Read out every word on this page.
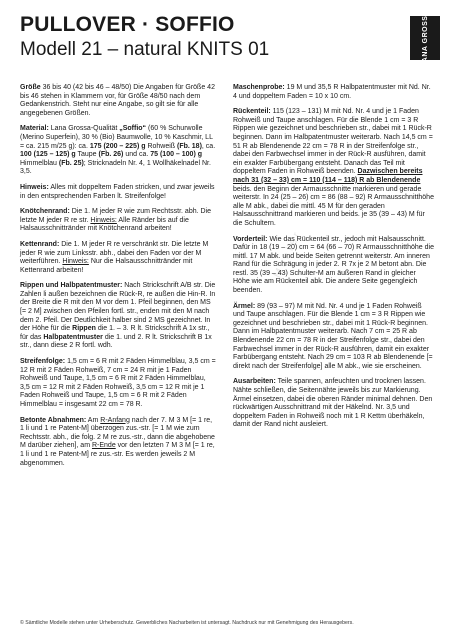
PULLOVER · SOFFIO
Modell 21 – natural KNITS 01	LANA GROSSA
Muster

Größe 36 bis 40 (42 bis 46 – 48/50) Die Angaben für Größe 42 bis 46 stehen in Klammern vor, für Größe 48/50 nach dem Gedankenstrich. Steht nur eine Angabe, so gilt sie für alle angegebenen Größen.

Material: Lana Grossa-Qualität „Soffio“ (60 % Schurwolle (Merino Superfein), 30 % (Bio) Baumwolle, 10 % Kaschmir, LL = ca. 215 m/25 g): ca. 175 (200 – 225) g Rohweiß (Fb. 18), ca. 100 (125 – 125) g Taupe (Fb. 26) und ca. 75 (100 – 100) g Himmelblau (Fb. 25); Stricknadeln Nr. 4, 1 Wollhäkelnadel Nr. 3,5.

Hinweis: Alles mit doppeltem Faden stricken, und zwar jeweils in den entsprechenden Farben lt. Streifenfolge!

Knötchenrand: Die 1. M jeder R wie zum Rechtsstr. abh. Die letzte M jeder R re str. Hinweis: Alle Ränder bis auf die Halsausschnittränder mit Knötchenrand arbeiten!

Kettenrand: Die 1. M jeder R re verschränkt str. Die letzte M jeder R wie zum Linksstr. abh., dabei den Faden vor der M weiterführen. Hinweis: Nur die Halsausschnittränder mit Kettenrand arbeiten!

Rippen und Halbpatentmuster: Nach Strickschrift A/B str. Die Zahlen li außen bezeichnen die Rück-R, re außen die Hin-R. In der Breite die R mit den M vor dem 1. Pfeil beginnen, den MS [= 2 M] zwischen den Pfeilen fortl. str., enden mit den M nach dem 2. Pfeil. Der Deutlichkeit halber sind 2 MS gezeichnet. In der Höhe für die Rippen die 1. – 3. R lt. Strickschrift A 1x str., für das Halbpatentmuster die 1. und 2. R lt. Strickschrift B 1x str., dann diese 2 R fortl. wdh.

Streifenfolge: 1,5 cm = 6 R mit 2 Fäden Himmelblau, 3,5 cm = 12 R mit 2 Fäden Rohweiß, 7 cm = 24 R mit je 1 Faden Rohweiß und Taupe, 1,5 cm = 6 R mit 2 Fäden Himmelblau, 3,5 cm = 12 R mit 2 Fäden Rohweiß, 3,5 cm = 12 R mit je 1 Faden Rohweiß und Taupe, 1,5 cm = 6 R mit 2 Fäden Himmelblau = insgesamt 22 cm = 78 R.

Betonte Abnahmen: Am R-Anfang nach der 7. M 3 M [= 1 re, 1 li und 1 re Patent-M] überzogen zus.-str. [= 1 M wie zum Rechtsstr. abh., die folg. 2 M re zus.-str., dann die abgehobene M darüber ziehen], am R-Ende vor den letzten 7 M 3 M [= 1 re, 1 li und 1 re Patent-M] re zus.-str. Es werden jeweils 2 M abgenommen.

Maschenprobe: 19 M und 35,5 R Halbpatentmuster mit Nd. Nr. 4 und doppeltem Faden = 10 x 10 cm.

Rückenteil: 115 (123 – 131) M mit Nd. Nr. 4 und je 1 Faden Rohweiß und Taupe anschlagen. Für die Blende 1 cm = 3 R Rippen wie gezeichnet und beschrieben str., dabei mit 1 Rück-R beginnen. Dann im Halbpatentmuster weiterarb. Nach 14,5 cm = 51 R ab Blendenende 22 cm = 78 R in der Streifenfolge str., dabei den Farbwechsel immer in der Rück-R ausführen, damit ein exakter Farbübergang entsteht. Danach das Teil mit doppeltem Faden in Rohweiß beenden. Dazwischen bereits nach 31 (32 – 33) cm = 110 (114 – 118) R ab Blendenende beids. den Beginn der Armausschnitte markieren und gerade weiterstr. In 24 (25 – 26) cm = 86 (88 – 92) R Armausschnitthöhe alle M abk., dabei die mittl. 45 M für den geraden Halsausschnittrand markieren und beids. je 35 (39 – 43) M für die Schultern.

Vorderteil: Wie das Rückenteil str., jedoch mit Halsausschnitt. Dafür in 18 (19 – 20) cm = 64 (66 – 70) R Armausschnitthöhe die mittl. 17 M abk. und beide Seiten getrennt weiterstr. Am inneren Rand für die Schrägung in jeder 2. R 7x je 2 M betont abn. Die restl. 35 (39 – 43) Schulter-M am äußeren Rand in gleicher Höhe wie am Rückenteil abk. Die andere Seite gegengleich beenden.

Ärmel: 89 (93 – 97) M mit Nd. Nr. 4 und je 1 Faden Rohweiß und Taupe anschlagen. Für die Blende 1 cm = 3 R Rippen wie gezeichnet und beschrieben str., dabei mit 1 Rück-R beginnen. Dann im Halbpatentmuster weiterarb. Nach 7 cm = 25 R ab Blendenende 22 cm = 78 R in der Streifenfolge str., dabei den Farbwechsel immer in der Rück-R ausführen, damit ein exakter Farbübergang entsteht. Nach 29 cm = 103 R ab Blendenende [= direkt nach der Streifenfolge] alle M abk., wie sie erscheinen.

Ausarbeiten: Teile spannen, anfeuchten und trocknen lassen. Nähte schließen, die Seitennähte jeweils bis zur Markierung. Ärmel einsetzen, dabei die oberen Ränder minimal dehnen. Den rückwärtigen Ausschnittrand mit der Häkelnd. Nr. 3,5 und doppeltem Faden in Rohweiß noch mit 1 R Kettm überhäkeln, damit der Rand nicht ausleiert.

© Sämtliche Modelle stehen unter Urheberschutz. Gewerbliches Nacharbeiten ist untersagt. Nachdruck nur mit Genehmigung des Herausgebers.
